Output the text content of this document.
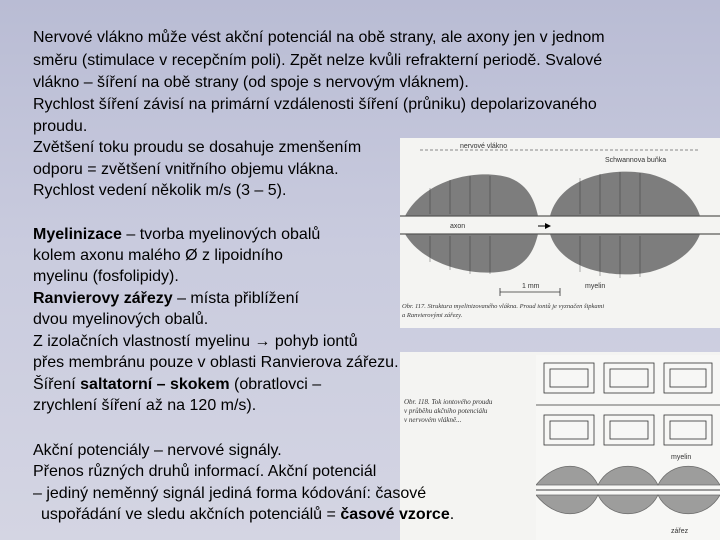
nervové vlákno
Schwannova buňka
axon
1 mm	myelin
Obr. 117. Struktura myelinizovaného vlákna. Proud iontů je vyznačen šipkami
a Ranvierovými zářezy.
Obr. 118. Tok iontového proudu
v průběhu akčního potenciálu
v nervovém vlákně...
myelin
zářez

Nervové vlákno může vést akční potenciál na obě strany, ale axony jen v jednom

směru (stimulace v recepčním poli). Zpět nelze kvůli refrakterní periodě. Svalové

vlákno – šíření na obě strany (od spoje s nervovým vláknem).

Rychlost šíření závisí na primární vzdálenosti šíření (průniku) depolarizovaného

proudu.

Zvětšení toku proudu se dosahuje zmenšením

odporu = zvětšení vnitřního objemu vlákna.

Rychlost vedení několik m/s (3 – 5).

Myelinizace – tvorba myelinových obalů

kolem axonu malého Ø z lipoidního

myelinu (fosfolipidy).

Ranvierovy zářezy – místa přiblížení

dvou myelinových obalů.

Z izolačních vlastností myelinu → pohyb iontů

přes membránu pouze v oblasti Ranvierova zářezu.

Šíření saltatorní – skokem (obratlovci –

zrychlení šíření až na 120 m/s).

Akční potenciály – nervové signály.

Přenos různých druhů informací. Akční potenciál

– jediný neměnný signál jediná forma kódování: časové

uspořádání ve sledu akčních potenciálů = časové vzorce.
